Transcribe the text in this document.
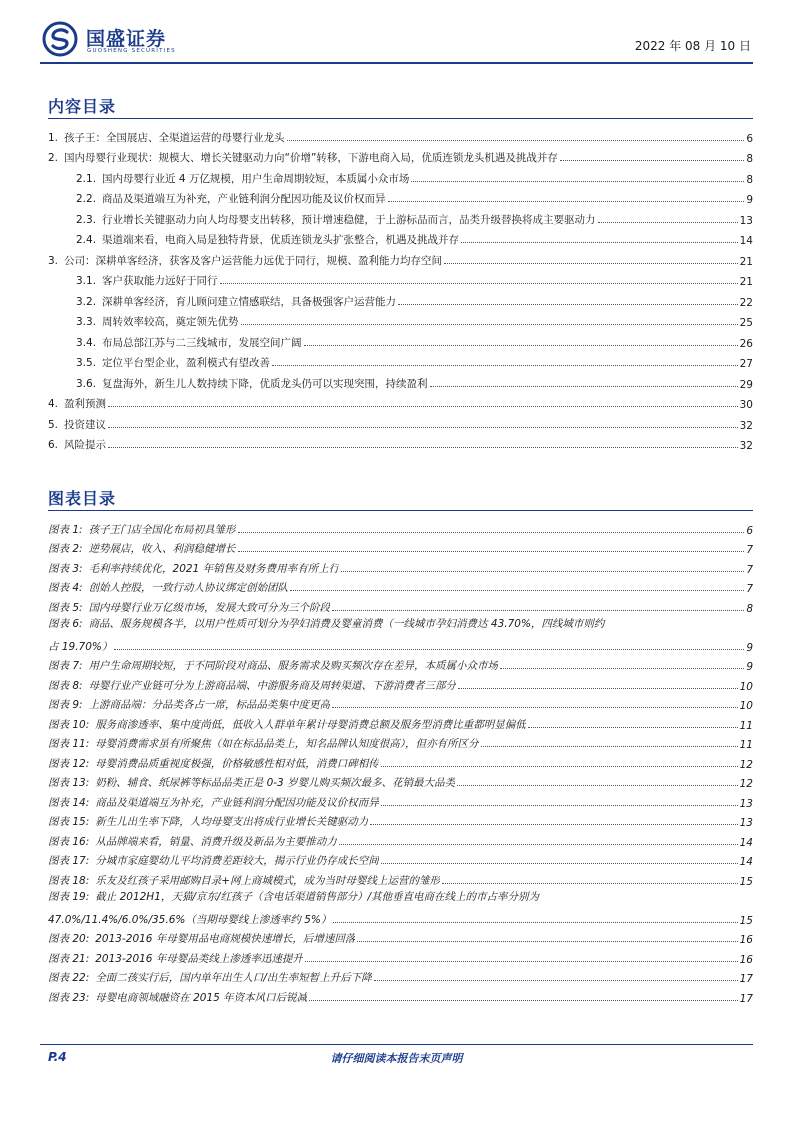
国盛证券
GUOSHENG SECURITIES	2022 年 08 月 10 日
内容目录
1. 孩子王：全国展店、全渠道运营的母婴行业龙头	6
2. 国内母婴行业现状：规模大、增长关键驱动力向“价增”转移，下游电商入局，优质连锁龙头机遇及挑战并存	8
2.1. 国内母婴行业近 4 万亿规模，用户生命周期较短，本质属小众市场	8
2.2. 商品及渠道端互为补充，产业链利润分配因功能及议价权而异	9
2.3. 行业增长关键驱动力向人均母婴支出转移，预计增速稳健，于上游标品而言，品类升级替换将成主要驱动力	13
2.4. 渠道端来看，电商入局是独特背景，优质连锁龙头扩张整合，机遇及挑战并存	14
3. 公司：深耕单客经济，获客及客户运营能力远优于同行，规模、盈利能力均存空间	21
3.1. 客户获取能力远好于同行	21
3.2. 深耕单客经济，育儿顾问建立情感联结，具备极强客户运营能力	22
3.3. 周转效率较高，奠定领先优势	25
3.4. 布局总部江苏与二三线城市，发展空间广阔	26
3.5. 定位平台型企业，盈利模式有望改善	27
3.6. 复盘海外，新生儿人数持续下降，优质龙头仍可以实现突围，持续盈利	29
4. 盈利预测	30
5. 投资建议	32
6. 风险提示	32
图表目录
图表 1: 孩子王门店全国化布局初具雏形	6
图表 2: 逆势展店，收入、利润稳健增长	7
图表 3: 毛利率持续优化，2021 年销售及财务费用率有所上行	7
图表 4: 创始人控股，一致行动人协议绑定创始团队	7
图表 5: 国内母婴行业万亿级市场，发展大致可分为三个阶段	8
图表 6: 商品、服务规模各半，以用户性质可划分为孕妇消费及婴童消费（一线城市孕妇消费达 43.70%，四线城市则约
占 19.70%）	9
图表 7: 用户生命周期较短，于不同阶段对商品、服务需求及购买频次存在差异，本质属小众市场	9
图表 8: 母婴行业产业链可分为上游商品端、中游服务商及周转渠道、下游消费者三部分	10
图表 9: 上游商品端：分品类各占一席，标品品类集中度更高	10
图表 10: 服务商渗透率、集中度尚低，低收入人群单年累计母婴消费总额及服务型消费比重都明显偏低	11
图表 11: 母婴消费需求虽有所聚焦（如在标品品类上，知名品牌认知度很高），但亦有所区分	11
图表 12: 母婴消费品质重视度极强，价格敏感性相对低，消费口碑相传	12
图表 13: 奶粉、辅食、纸尿裤等标品品类正是 0-3 岁婴儿购买频次最多、花销最大品类	12
图表 14: 商品及渠道端互为补充，产业链利润分配因功能及议价权而异	13
图表 15: 新生儿出生率下降，人均母婴支出将成行业增长关键驱动力	13
图表 16: 从品牌端来看，销量、消费升级及新品为主要推动力	14
图表 17: 分城市家庭婴幼儿平均消费差距较大，揭示行业仍存成长空间	14
图表 18: 乐友及红孩子采用邮购目录+网上商城模式，成为当时母婴线上运营的雏形	15
图表 19: 截止 2012H1，天猫/京东/红孩子（含电话渠道销售部分）/其他垂直电商在线上的市占率分别为
47.0%/11.4%/6.0%/35.6%（当期母婴线上渗透率约 5%）	15
图表 20: 2013-2016 年母婴用品电商规模快速增长，后增速回落	16
图表 21: 2013-2016 年母婴品类线上渗透率迅速提升	16
图表 22: 全面二孩实行后，国内单年出生人口/出生率短暂上升后下降	17
图表 23: 母婴电商领域融资在 2015 年资本风口后锐减	17
P.4	请仔细阅读本报告末页声明
